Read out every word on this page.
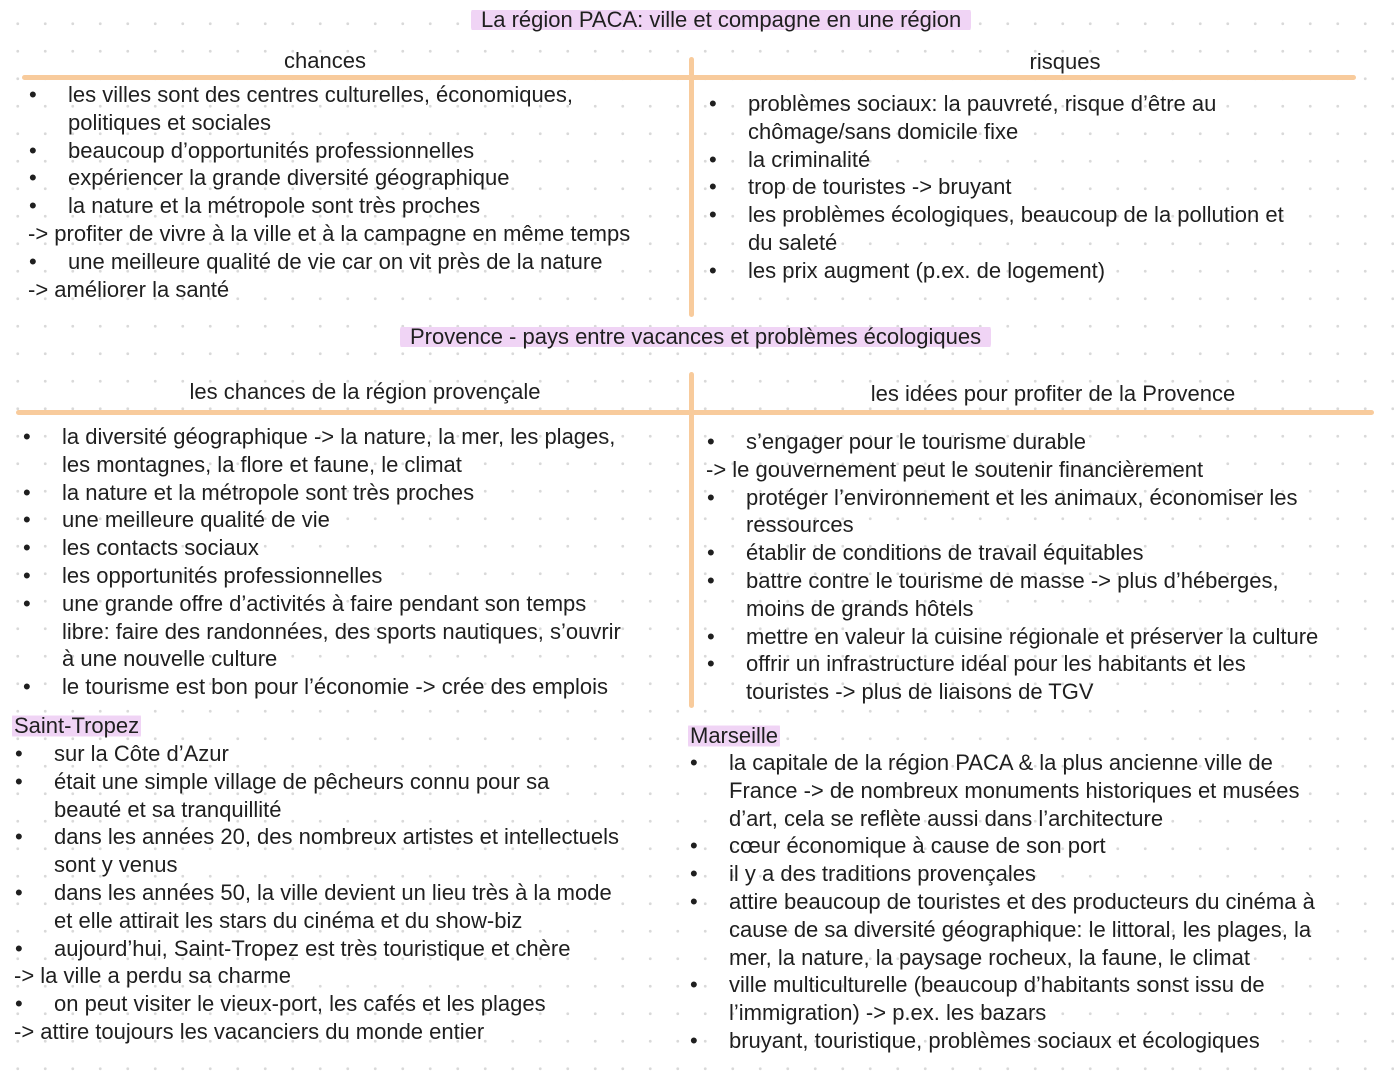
La région PACA: ville et compagne en une région
chances	risques
• les villes sont des centres culturelles, économiques,
politiques et sociales
• beaucoup d’opportunités professionnelles
• expériencer la grande diversité géographique
• la nature et la métropole sont très proches
-> profiter de vivre à la ville et à la campagne en même temps
• une meilleure qualité de vie car on vit près de la nature
-> améliorer la santé
• problèmes sociaux: la pauvreté, risque d’être au
chômage/sans domicile fixe
• la criminalité
• trop de touristes -> bruyant
• les problèmes écologiques, beaucoup de la pollution et
du saleté
• les prix augment (p.ex. de logement)
Provence - pays entre vacances et problèmes écologiques
les chances de la région provençale	les idées pour profiter de la Provence
• la diversité géographique -> la nature, la mer, les plages,
les montagnes, la flore et faune, le climat
• la nature et la métropole sont très proches
• une meilleure qualité de vie
• les contacts sociaux
• les opportunités professionnelles
• une grande offre d’activités à faire pendant son temps
libre: faire des randonnées, des sports nautiques, s’ouvrir
à une nouvelle culture
• le tourisme est bon pour l’économie -> crée des emplois
• s’engager pour le tourisme durable
-> le gouvernement peut le soutenir financièrement
• protéger l’environnement et les animaux, économiser les
ressources
• établir de conditions de travail équitables
• battre contre le tourisme de masse -> plus d’héberges,
moins de grands hôtels
• mettre en valeur la cuisine régionale et préserver la culture
• offrir un infrastructure idéal pour les habitants et les
touristes -> plus de liaisons de TGV
Saint-Tropez
• sur la Côte d’Azur
• était une simple village de pêcheurs connu pour sa
beauté et sa tranquillité
• dans les années 20, des nombreux artistes et intellectuels
sont y venus
• dans les années 50, la ville devient un lieu très à la mode
et elle attirait les stars du cinéma et du show-biz
• aujourd’hui, Saint-Tropez est très touristique et chère
-> la ville a perdu sa charme
• on peut visiter le vieux-port, les cafés et les plages
-> attire toujours les vacanciers du monde entier
Marseille
• la capitale de la région PACA & la plus ancienne ville de
France -> de nombreux monuments historiques et musées
d’art, cela se reflète aussi dans l’architecture
• cœur économique à cause de son port
• il y a des traditions provençales
• attire beaucoup de touristes et des producteurs du cinéma à
cause de sa diversité géographique: le littoral, les plages, la
mer, la nature, la paysage rocheux, la faune, le climat
• ville multiculturelle (beaucoup d’habitants sonst issu de
l’immigration) -> p.ex. les bazars
• bruyant, touristique, problèmes sociaux et écologiques
